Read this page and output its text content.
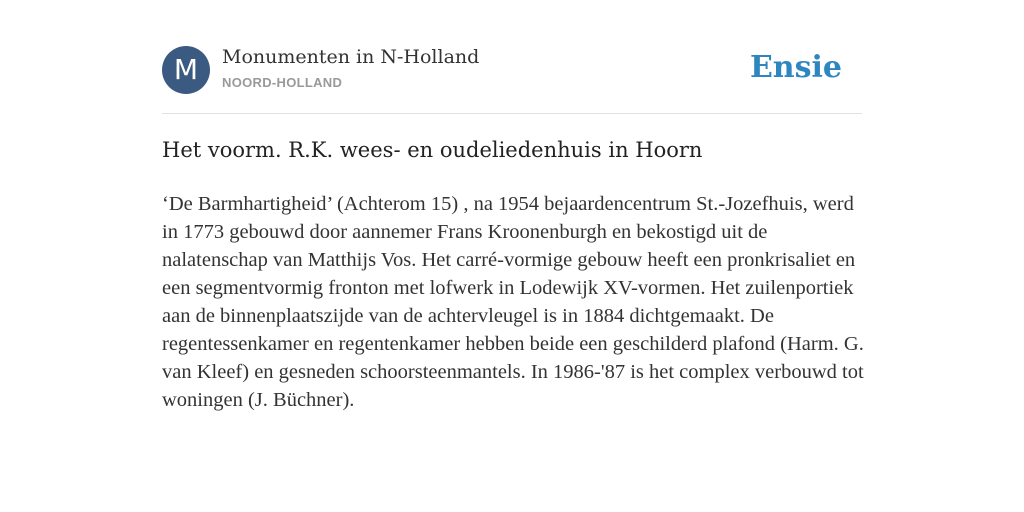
M	Monumenten in N-Holland
NOORD-HOLLAND	Ensie
Het voorm. R.K. wees- en oudeliedenhuis in Hoorn

‘De Barmhartigheid’ (Achterom 15) , na 1954 bejaardencentrum St.-Jozefhuis, werd in 1773 gebouwd door aannemer Frans Kroonenburgh en bekostigd uit de nalatenschap van Matthijs Vos. Het carré-vormige gebouw heeft een pronkrisaliet en een segmentvormig fronton met lofwerk in Lodewijk XV-vormen. Het zuilenportiek aan de binnenplaatszijde van de achtervleugel is in 1884 dichtgemaakt. De regentessenkamer en regentenkamer hebben beide een geschilderd plafond (Harm. G. van Kleef) en gesneden schoorsteenmantels. In 1986-'87 is het complex verbouwd tot woningen (J. Büchner).
